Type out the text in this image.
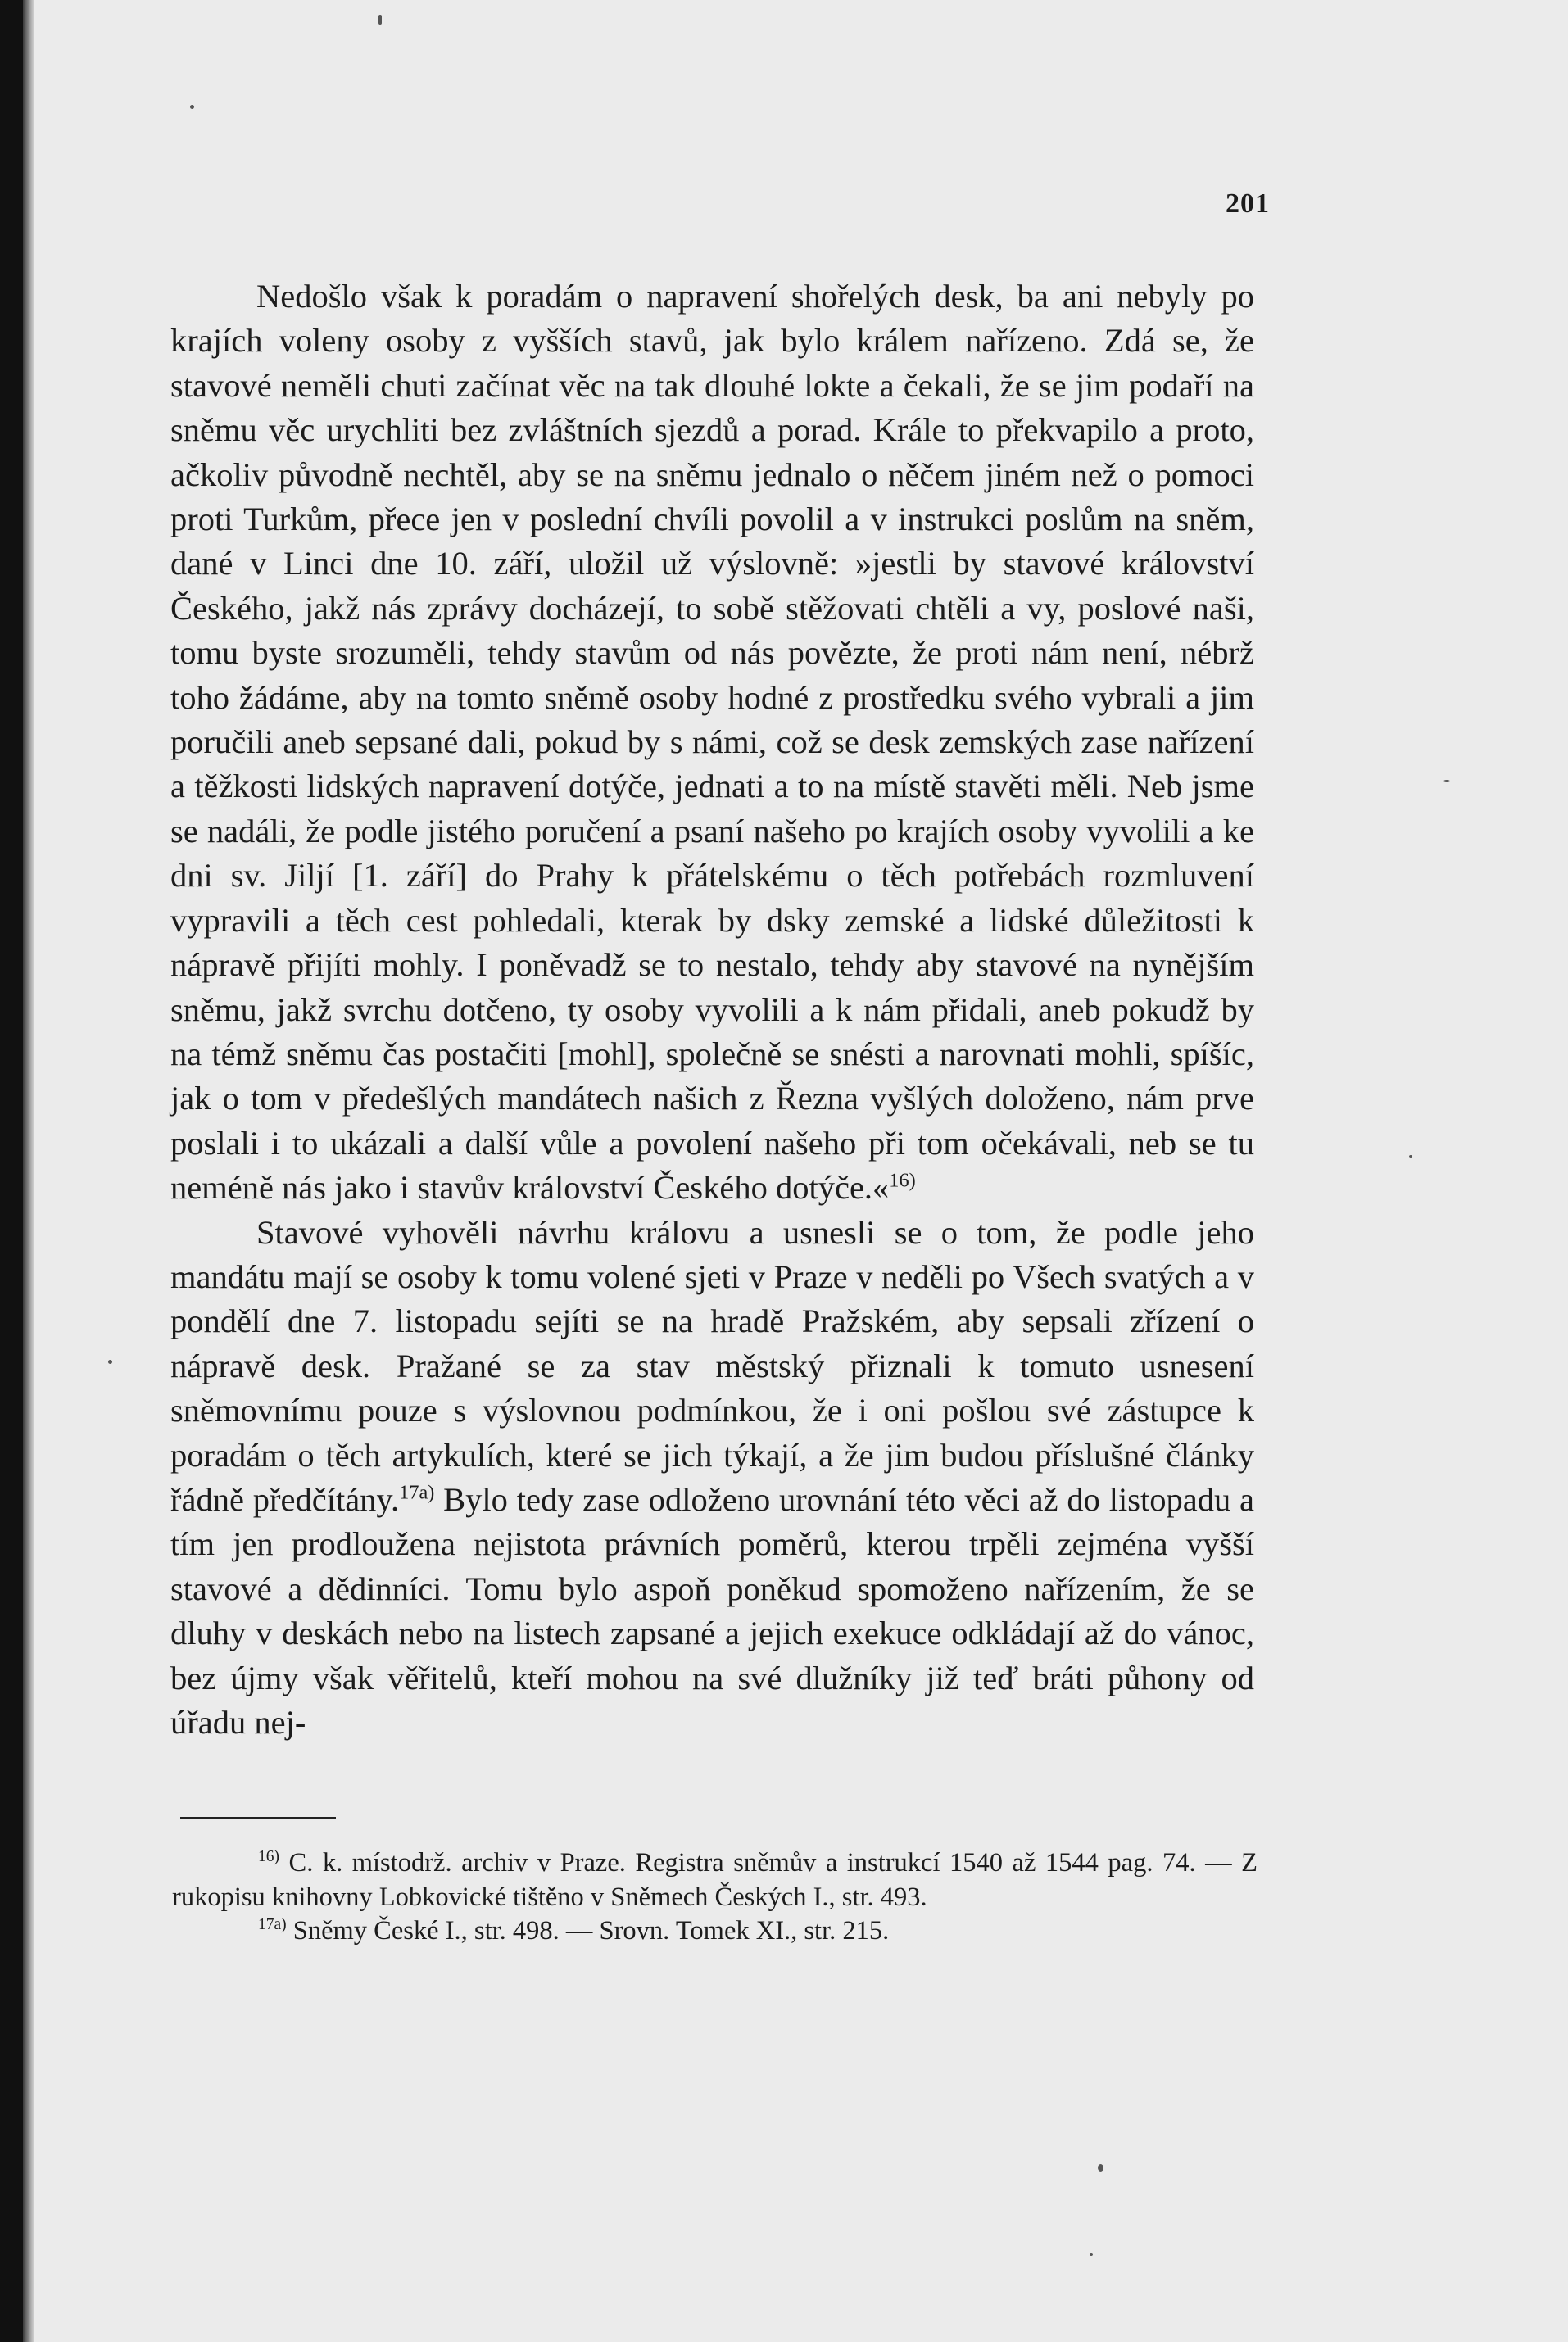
201

Nedošlo však k poradám o napravení shořelých desk, ba ani nebyly po krajích voleny osoby z vyšších stavů, jak bylo králem nařízeno. Zdá se, že stavové neměli chuti začínat věc na tak dlouhé lokte a čekali, že se jim podaří na sněmu věc urychliti bez zvláštních sjezdů a porad. Krále to překvapilo a proto, ačkoliv původně nechtěl, aby se na sněmu jednalo o něčem jiném než o pomoci proti Turkům, přece jen v poslední chvíli povolil a v instrukci poslům na sněm, dané v Linci dne 10. září, uložil už výslovně: »jestli by stavové království Českého, jakž nás zprávy docházejí, to sobě stěžovati chtěli a vy, poslové naši, tomu byste srozuměli, tehdy stavům od nás povězte, že proti nám není, nébrž toho žádáme, aby na tomto sněmě osoby hodné z prostředku svého vybrali a jim poručili aneb sepsané dali, pokud by s námi, což se desk zemských zase nařízení a těžkosti lidských napravení dotýče, jednati a to na místě stavěti měli. Neb jsme se nadáli, že podle jistého poručení a psaní našeho po krajích osoby vyvolili a ke dni sv. Jiljí [1. září] do Prahy k přátelskému o těch potřebách rozmluvení vypravili a těch cest pohledali, kterak by dsky zemské a lidské důležitosti k nápravě přijíti mohly. I poněvadž se to nestalo, tehdy aby stavové na nynějším sněmu, jakž svrchu dotčeno, ty osoby vyvolili a k nám přidali, aneb pokudž by na témž sněmu čas postačiti [mohl], společně se snésti a narovnati mohli, spíšíc, jak o tom v předešlých mandátech našich z Řezna vyšlých doloženo, nám prve poslali i to ukázali a další vůle a povolení našeho při tom očekávali, neb se tu neméně nás jako i stavův království Českého dotýče.«$^{16)}$

Stavové vyhověli návrhu královu a usnesli se o tom, že podle jeho mandátu mají se osoby k tomu volené sjeti v Praze v neděli po Všech svatých a v pondělí dne 7. listopadu sejíti se na hradě Pražském, aby sepsali zřízení o nápravě desk. Pražané se za stav městský přiznali k tomuto usnesení sněmovnímu pouze s výslovnou podmínkou, že i oni pošlou své zástupce k poradám o těch artykulích, které se jich týkají, a že jim budou příslušné články řádně předčítány.$^{17a)}$ Bylo tedy zase odloženo urovnání této věci až do listopadu a tím jen prodloužena nejistota právních poměrů, kterou trpěli zejména vyšší stavové a dědinníci. Tomu bylo aspoň poněkud spomoženo nařízením, že se dluhy v deskách nebo na listech zapsané a jejich exekuce odkládají až do vánoc, bez újmy však věřitelů, kteří mohou na své dlužníky již teď bráti půhony od úřadu nej-

$^{16)}$ C. k. místodrž. archiv v Praze. Registra sněmův a instrukcí 1540 až 1544 pag. 74. — Z rukopisu knihovny Lobkovické tištěno v Sněmech Českých I., str. 493.

$^{17a)}$ Sněmy České I., str. 498. — Srovn. Tomek XI., str. 215.
